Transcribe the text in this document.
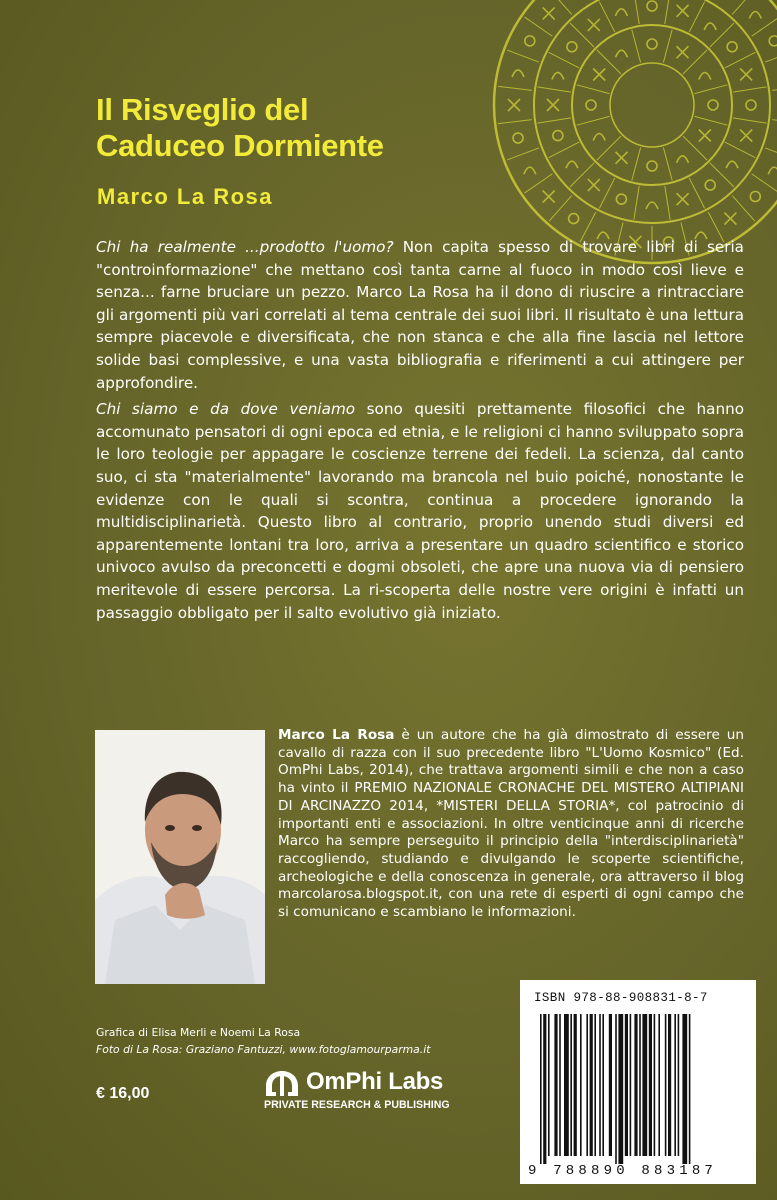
Il Risveglio del
Caduceo Dormiente
Marco La Rosa

Chi ha realmente ...prodotto l'uomo? Non capita spesso di trovare libri di seria "controinformazione" che mettano così tanta carne al fuoco in modo così lieve e senza... farne bruciare un pezzo. Marco La Rosa ha il dono di riuscire a rintracciare gli argomenti più vari correlati al tema centrale dei suoi libri. Il risultato è una lettura sempre piacevole e diversificata, che non stanca e che alla fine lascia nel lettore solide basi complessive, e una vasta bibliografia e riferimenti a cui attingere per approfondire.

Chi siamo e da dove veniamo sono quesiti prettamente filosofici che hanno accomunato pensatori di ogni epoca ed etnia, e le religioni ci hanno sviluppato sopra le loro teologie per appagare le coscienze terrene dei fedeli. La scienza, dal canto suo, ci sta "materialmente" lavorando ma brancola nel buio poiché, nonostante le evidenze con le quali si scontra, continua a procedere ignorando la multidisciplinarietà. Questo libro al contrario, proprio unendo studi diversi ed apparentemente lontani tra loro, arriva a presentare un quadro scientifico e storico univoco avulso da preconcetti e dogmi obsoleti, che apre una nuova via di pensiero meritevole di essere percorsa. La ri-scoperta delle nostre vere origini è infatti un passaggio obbligato per il salto evolutivo già iniziato.

Marco La Rosa è un autore che ha già dimostrato di essere un cavallo di razza con il suo precedente libro "L'Uomo Kosmico" (Ed. OmPhi Labs, 2014), che trattava argomenti simili e che non a caso ha vinto il PREMIO NAZIONALE CRONACHE DEL MISTERO ALTIPIANI DI ARCINAZZO 2014, *MISTERI DELLA STORIA*, col patrocinio di importanti enti e associazioni. In oltre venticinque anni di ricerche Marco ha sempre perseguito il principio della "interdisciplinarietà" raccogliendo, studiando e divulgando le scoperte scientifiche, archeologiche e della conoscenza in generale, ora attraverso il blog marcolarosa.blogspot.it, con una rete di esperti di ogni campo che si comunicano e scambiano le informazioni.

Grafica di Elisa Merli e Noemi La Rosa
Foto di La Rosa: Graziano Fantuzzi, www.fotoglamourparma.it
€ 16,00	OmPhi Labs
PRIVATE RESEARCH & PUBLISHING
ISBN 978-88-908831-8-7
9 788890 883187
